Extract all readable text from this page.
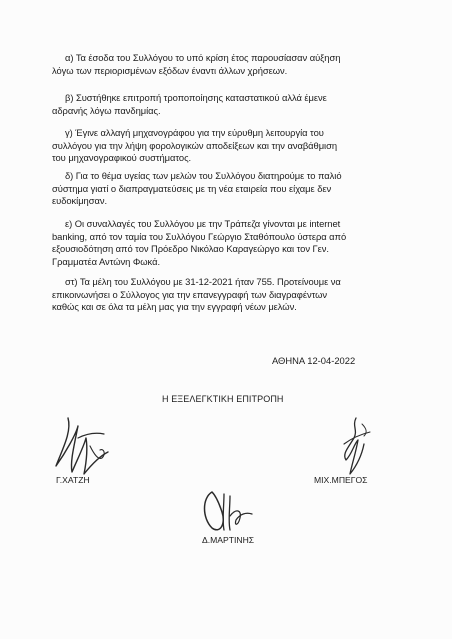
α) Τα έσοδα του Συλλόγου το υπό κρίση έτος παρουσίασαν αύξηση
λόγω των περιορισμένων εξόδων έναντι άλλων χρήσεων.
β) Συστήθηκε επιτροπή τροποποίησης καταστατικού αλλά έμενε
αδρανής λόγω πανδημίας.
γ) Έγινε αλλαγή μηχανογράφου για την εύρυθμη λειτουργία του
συλλόγου για την λήψη φορολογικών αποδείξεων και την αναβάθμιση
του μηχανογραφικού συστήματος.
δ) Για το θέμα υγείας των μελών του Συλλόγου διατηρούμε το παλιό
σύστημα γιατί ο διαπραγματεύσεις με τη νέα εταιρεία που είχαμε δεν
ευδοκίμησαν.
ε) Οι συναλλαγές του Συλλόγου με την Τράπεζα γίνονται με internet
banking, από τον ταμία του Συλλόγου Γεώργιο Σταθόπουλο ύστερα από
εξουσιοδότηση από τον Πρόεδρο Νικόλαο Καραγεώργο και τον Γεν.
Γραμματέα Αντώνη Φωκά.
στ) Τα μέλη του Συλλόγου με 31-12-2021 ήταν 755. Προτείνουμε να
επικοινωνήσει ο Σύλλογος για την επανεγγραφή των διαγραφέντων
καθώς και σε όλα τα μέλη μας για την εγγραφή νέων μελών.

ΑΘΗΝΑ 12-04-2022

Η ΕΞΕΛΕΓΚΤΙΚΗ ΕΠΙΤΡΟΠΗ

Γ.ΧΑΤΖΗ	ΜΙΧ.ΜΠΕΓΟΣ

Δ.ΜΑΡΤΙΝΗΣ
